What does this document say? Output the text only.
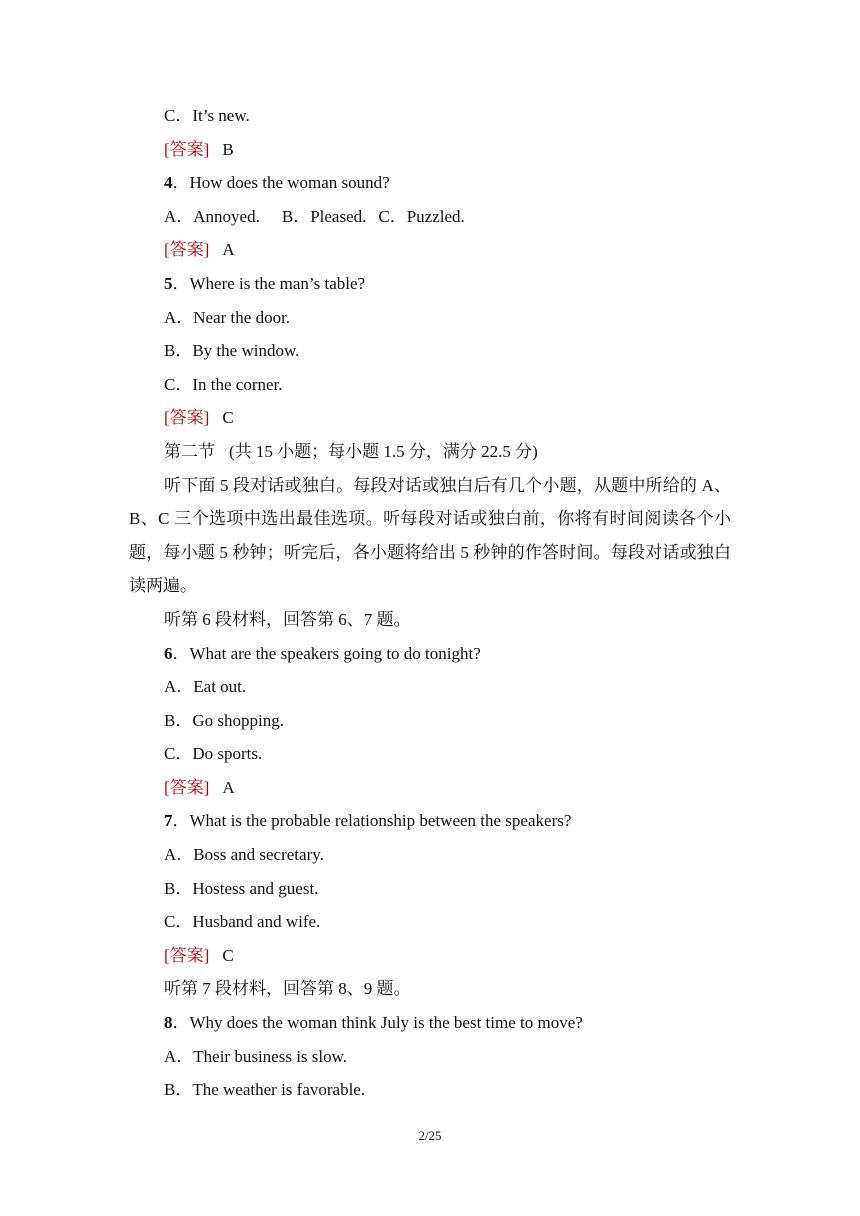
C．It’s new.
[答案] B
4．How does the woman sound?
A．Annoyed. B．Pleased. C．Puzzled.
[答案] A
5．Where is the man’s table?
A．Near the door.
B．By the window.
C．In the corner.
[答案] C
第二节 (共 15 小题；每小题 1.5 分，满分 22.5 分)
听下面 5 段对话或独白。每段对话或独白后有几个小题，从题中所给的 A、
B、C 三个选项中选出最佳选项。听每段对话或独白前，你将有时间阅读各个小
题，每小题 5 秒钟；听完后，各小题将给出 5 秒钟的作答时间。每段对话或独白
读两遍。
听第 6 段材料，回答第 6、7 题。
6．What are the speakers going to do tonight?
A．Eat out.
B．Go shopping.
C．Do sports.
[答案] A
7．What is the probable relationship between the speakers?
A．Boss and secretary.
B．Hostess and guest.
C．Husband and wife.
[答案] C
听第 7 段材料，回答第 8、9 题。
8．Why does the woman think July is the best time to move?
A．Their business is slow.
B．The weather is favorable.
2/25
